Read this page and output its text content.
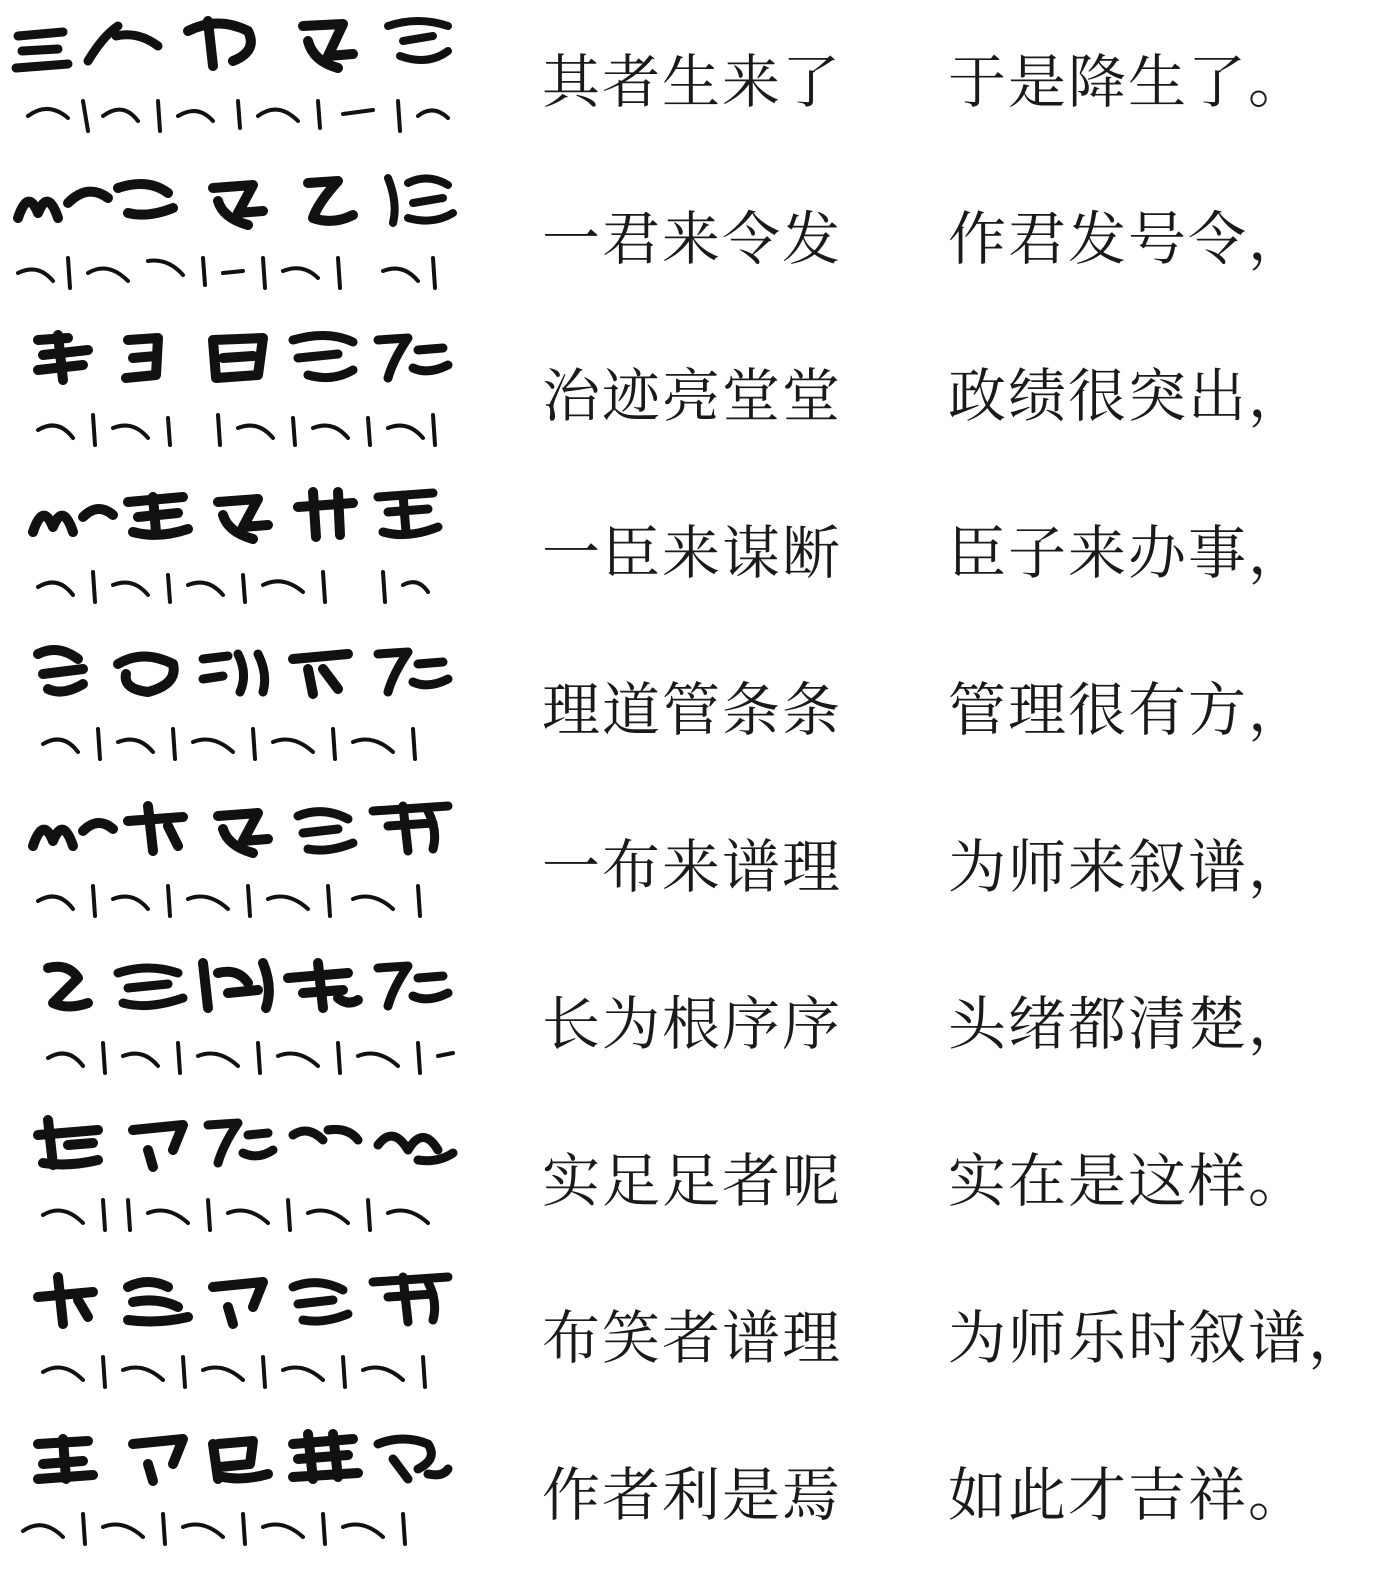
其者生来了 于是降生了。
一君来令发 作君发号令，
治迹亮堂堂 政绩很突出，
一臣来谋断 臣子来办事，
理道管条条 管理很有方，
一布来谱理 为师来叙谱，
长为根序序 头绪都清楚，
实足足者呢 实在是这样。
布笑者谱理 为师乐时叙谱，
作者利是焉 如此才吉祥。
